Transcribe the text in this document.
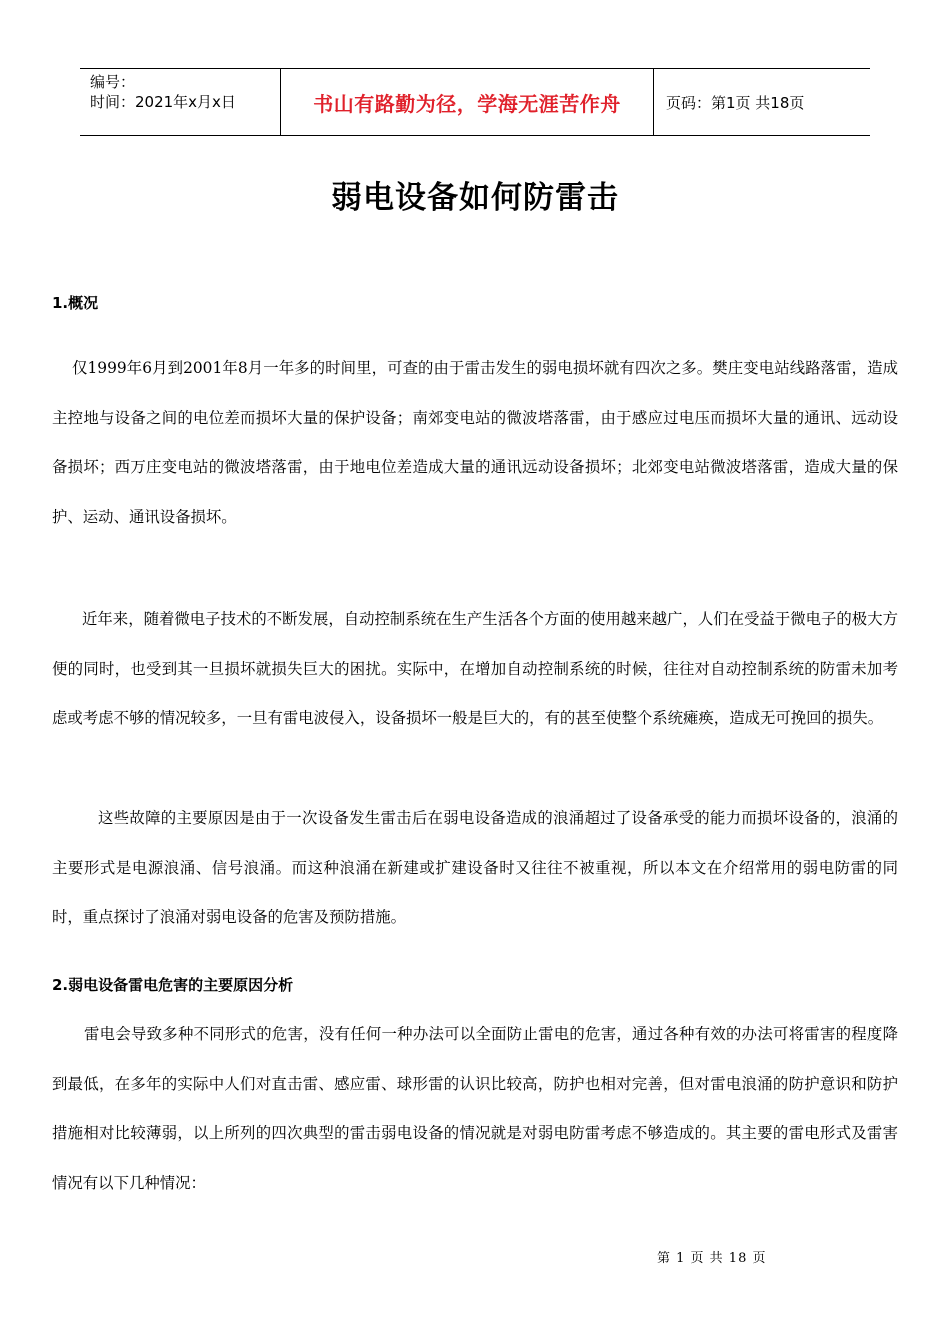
编号：
时间：2021年x月x日	书山有路勤为径，学海无涯苦作舟	页码：第1页 共18页
弱电设备如何防雷击
1.概况

仅1999年6月到2001年8月一年多的时间里，可查的由于雷击发生的弱电损坏就有四次之多。樊庄变电站线路落雷，造成主控地与设备之间的电位差而损坏大量的保护设备；南郊变电站的微波塔落雷，由于感应过电压而损坏大量的通讯、远动设备损坏；西万庄变电站的微波塔落雷，由于地电位差造成大量的通讯远动设备损坏；北郊变电站微波塔落雷，造成大量的保护、运动、通讯设备损坏。

近年来，随着微电子技术的不断发展，自动控制系统在生产生活各个方面的使用越来越广，人们在受益于微电子的极大方便的同时，也受到其一旦损坏就损失巨大的困扰。实际中，在增加自动控制系统的时候，往往对自动控制系统的防雷未加考虑或考虑不够的情况较多，一旦有雷电波侵入，设备损坏一般是巨大的，有的甚至使整个系统瘫痪，造成无可挽回的损失。

这些故障的主要原因是由于一次设备发生雷击后在弱电设备造成的浪涌超过了设备承受的能力而损坏设备的，浪涌的主要形式是电源浪涌、信号浪涌。而这种浪涌在新建或扩建设备时又往往不被重视，所以本文在介绍常用的弱电防雷的同时，重点探讨了浪涌对弱电设备的危害及预防措施。

2.弱电设备雷电危害的主要原因分析

雷电会导致多种不同形式的危害，没有任何一种办法可以全面防止雷电的危害，通过各种有效的办法可将雷害的程度降到最低，在多年的实际中人们对直击雷、感应雷、球形雷的认识比较高，防护也相对完善，但对雷电浪涌的防护意识和防护措施相对比较薄弱，以上所列的四次典型的雷击弱电设备的情况就是对弱电防雷考虑不够造成的。其主要的雷电形式及雷害情况有以下几种情况：

第 1 页 共 18 页
